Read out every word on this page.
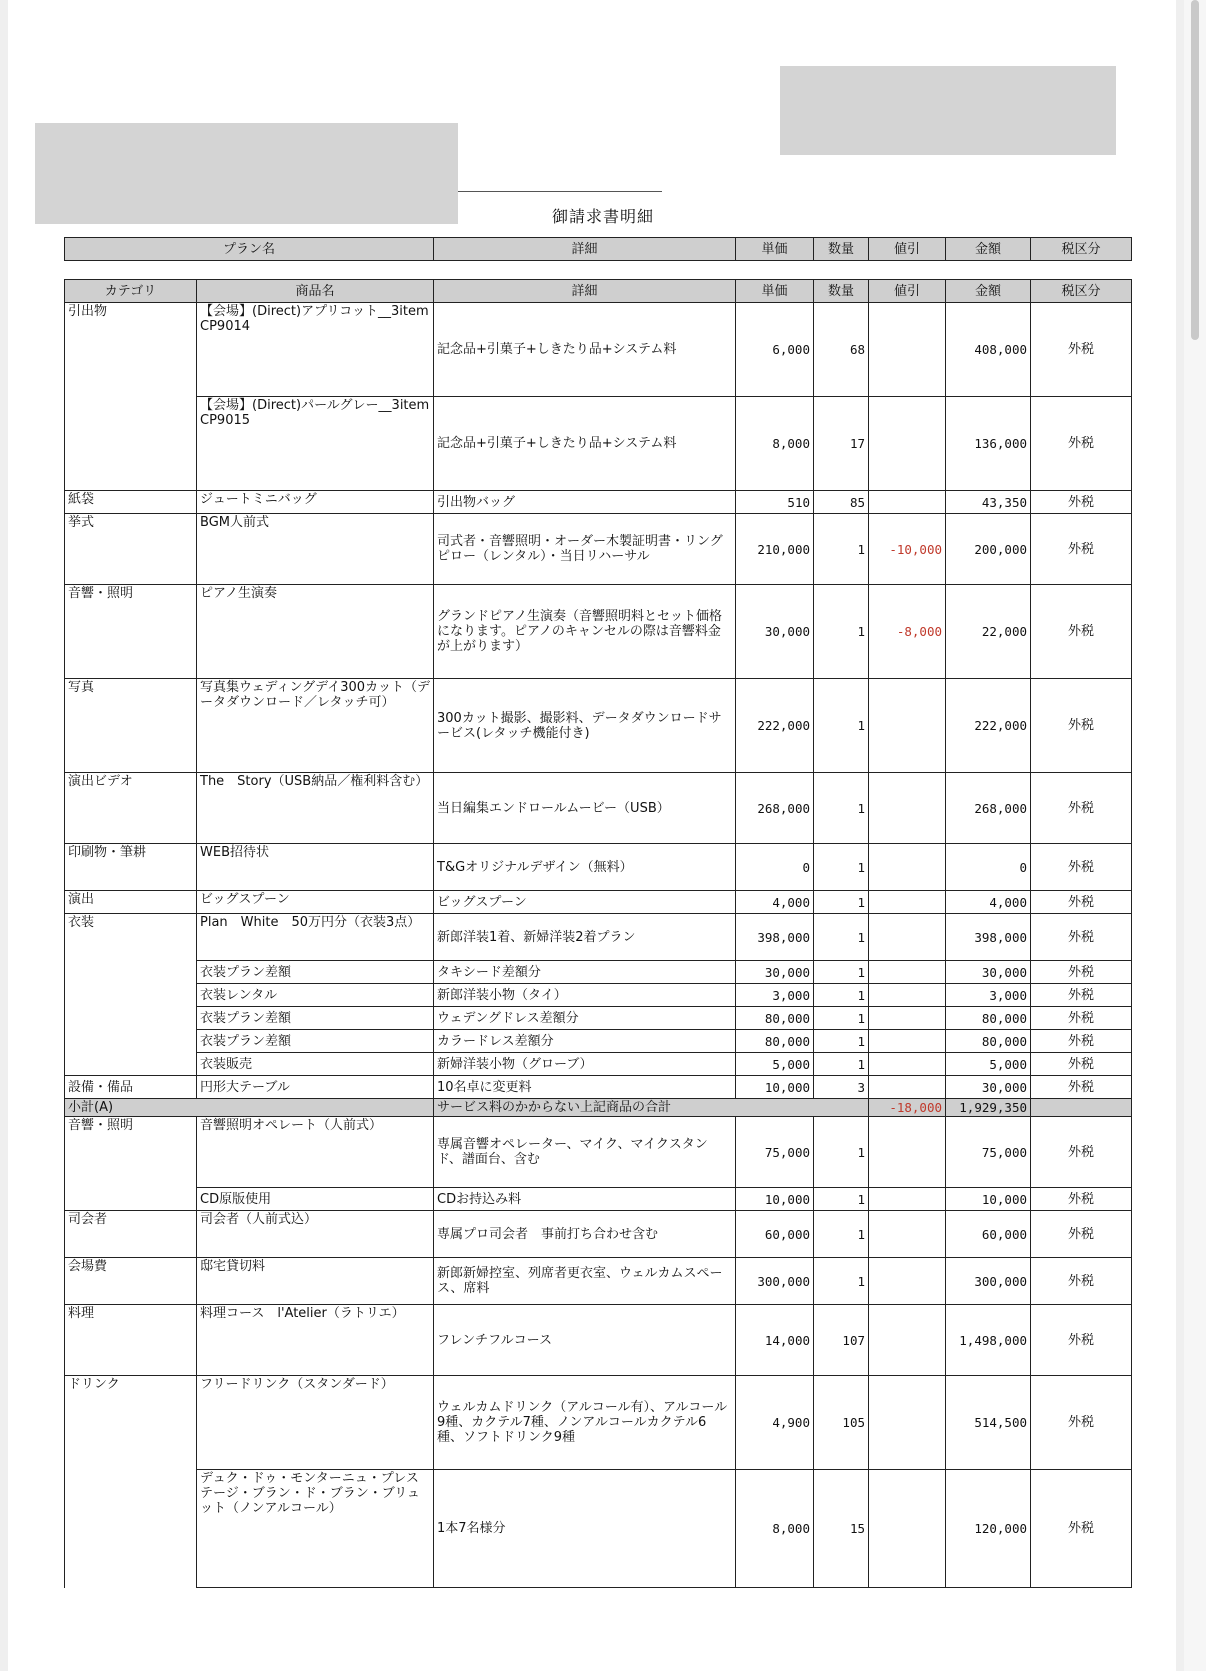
御請求書明細
プラン名	詳細	単価	数量	値引	金額	税区分
カテゴリ	商品名	詳細	単価	数量	値引	金額	税区分
引出物	【会場】(Direct)アプリコット__3item　CP9014	記念品+引菓子+しきたり品+システム料	6,000	68		408,000	外税
	【会場】(Direct)パールグレー__3item　CP9015	記念品+引菓子+しきたり品+システム料	8,000	17		136,000	外税
紙袋	ジュートミニバッグ	引出物バッグ	510	85		43,350	外税
挙式	BGM人前式	司式者・音響照明・オーダー木製証明書・リングピロー（レンタル）・当日リハーサル	210,000	1	-10,000	200,000	外税
音響・照明	ピアノ生演奏	グランドピアノ生演奏（音響照明料とセット価格になります。ピアノのキャンセルの際は音響料金が上がります）	30,000	1	-8,000	22,000	外税
写真	写真集ウェディングデイ300カット（データダウンロード／レタッチ可）	300カット撮影、撮影料、データダウンロードサービス(レタッチ機能付き)	222,000	1		222,000	外税
演出ビデオ	The　Story（USB納品／権利料含む）	当日編集エンドロールムービー（USB）	268,000	1		268,000	外税
印刷物・筆耕	WEB招待状	T&Gオリジナルデザイン（無料）	0	1		0	外税
演出	ビッグスプーン	ビッグスプーン	4,000	1		4,000	外税
衣装	Plan　White　50万円分（衣装3点）	新郎洋装1着、新婦洋装2着プラン	398,000	1		398,000	外税
	衣装プラン差額	タキシード差額分	30,000	1		30,000	外税
	衣装レンタル	新郎洋装小物（タイ）	3,000	1		3,000	外税
	衣装プラン差額	ウェデングドレス差額分	80,000	1		80,000	外税
	衣装プラン差額	カラードレス差額分	80,000	1		80,000	外税
	衣装販売	新婦洋装小物（グローブ）	5,000	1		5,000	外税
設備・備品	円形大テーブル	10名卓に変更料	10,000	3		30,000	外税
小計(A)		サービス料のかからない上記商品の合計			-18,000	1,929,350	
音響・照明	音響照明オペレート（人前式）	専属音響オペレーター、マイク、マイクスタンド、譜面台、含む	75,000	1		75,000	外税
	CD原版使用	CDお持込み料	10,000	1		10,000	外税
司会者	司会者（人前式込）	専属プロ司会者　事前打ち合わせ含む	60,000	1		60,000	外税
会場費	邸宅貸切料	新郎新婦控室、列席者更衣室、ウェルカムスペース、席料	300,000	1		300,000	外税
料理	料理コース　l'Atelier（ラトリエ）	フレンチフルコース	14,000	107		1,498,000	外税
ドリンク	フリードリンク（スタンダード）	ウェルカムドリンク（アルコール有）、アルコール9種、カクテル7種、ノンアルコールカクテル6種、ソフトドリンク9種	4,900	105		514,500	外税
	デュク・ドゥ・モンターニュ・プレステージ・ブラン・ド・ブラン・ブリュット（ノンアルコール）	1本7名様分	8,000	15		120,000	外税
